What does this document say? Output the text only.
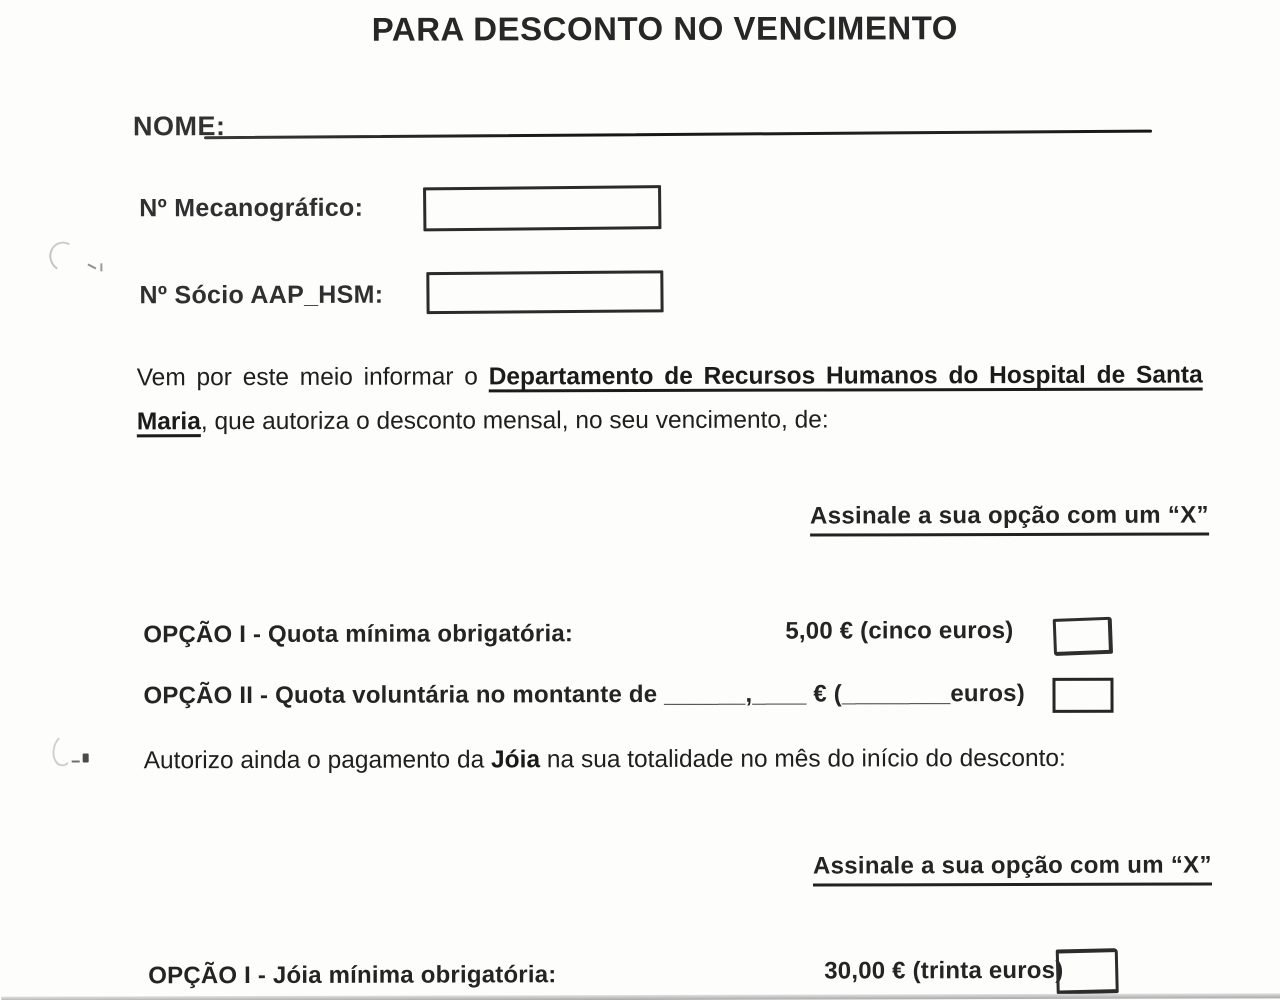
PARA DESCONTO NO VENCIMENTO
NOME:
Nº Mecanográfico:
Nº Sócio AAP_HSM:
Vem por este meio informar o Departamento de Recursos Humanos do Hospital de Santa
Maria, que autoriza o desconto mensal, no seu vencimento, de:
Assinale a sua opção com um “X”
OPÇÃO I - Quota mínima obrigatória:	5,00 € (cinco euros)
OPÇÃO II - Quota voluntária no montante de ______,____ € (________euros)
Autorizo ainda o pagamento da Jóia na sua totalidade no mês do início do desconto:
Assinale a sua opção com um “X”
OPÇÃO I - Jóia mínima obrigatória:	30,00 € (trinta euros)
